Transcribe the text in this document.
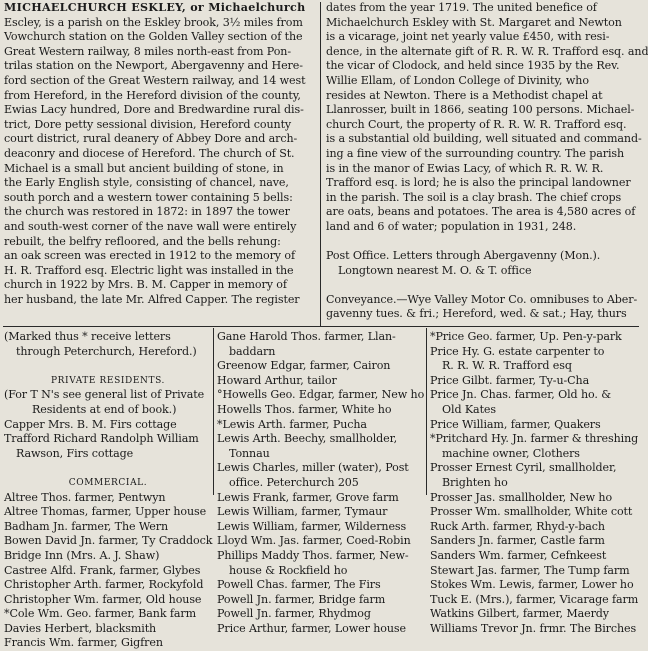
MICHAELCHURCH ESKLEY, or Michaelchurch
Escley, is a parish on the Eskley brook, 3½ miles from
Vowchurch station on the Golden Valley section of the
Great Western railway, 8 miles north-east from Pon-
trilas station on the Newport, Abergavenny and Here-
ford section of the Great Western railway, and 14 west
from Hereford, in the Hereford division of the county,
Ewias Lacy hundred, Dore and Bredwardine rural dis-
trict, Dore petty sessional division, Hereford county
court district, rural deanery of Abbey Dore and arch-
deaconry and diocese of Hereford. The church of St.
Michael is a small but ancient building of stone, in
the Early English style, consisting of chancel, nave,
south porch and a western tower containing 5 bells:
the church was restored in 1872: in 1897 the tower
and south-west corner of the nave wall were entirely
rebuilt, the belfry refloored, and the bells rehung:
an oak screen was erected in 1912 to the memory of
H. R. Trafford esq. Electric light was installed in the
church in 1922 by Mrs. B. M. Capper in memory of
her husband, the late Mr. Alfred Capper. The register
dates from the year 1719. The united benefice of
Michaelchurch Eskley with St. Margaret and Newton
is a vicarage, joint net yearly value £450, with resi-
dence, in the alternate gift of R. R. W. R. Trafford esq. and
the vicar of Clodock, and held since 1935 by the Rev.
Willie Ellam, of London College of Divinity, who
resides at Newton. There is a Methodist chapel at
Llanrosser, built in 1866, seating 100 persons. Michael-
church Court, the property of R. R. W. R. Trafford esq.
is a substantial old building, well situated and command-
ing a fine view of the surrounding country. The parish
is in the manor of Ewias Lacy, of which R. R. W. R.
Trafford esq. is lord; he is also the principal landowner
in the parish. The soil is a clay brash. The chief crops
are oats, beans and potatoes. The area is 4,580 acres of
land and 6 of water; population in 1931, 248.
Post Office. Letters through Abergavenny (Mon.).
Longtown nearest M. O. & T. office
Conveyance.—Wye Valley Motor Co. omnibuses to Aber-
gavenny tues. & fri.; Hereford, wed. & sat.; Hay, thurs
(Marked thus * receive letters
through Peterchurch, Hereford.)
PRIVATE RESIDENTS.
(For T N's see general list of Private
Residents at end of book.)
Capper Mrs. B. M. Firs cottage
Trafford Richard Randolph William
Rawson, Firs cottage
COMMERCIAL.
Altree Thos. farmer, Pentwyn
Altree Thomas, farmer, Upper house
Badham Jn. farmer, The Wern
Bowen David Jn. farmer, Ty Craddock
Bridge Inn (Mrs. A. J. Shaw)
Castree Alfd. Frank, farmer, Glybes
Christopher Arth. farmer, Rockyfold
Christopher Wm. farmer, Old house
*Cole Wm. Geo. farmer, Bank farm
Davies Herbert, blacksmith
Francis Wm. farmer, Gigfren
Gane Harold Thos. farmer, Llan-
baddarn
Greenow Edgar, farmer, Cairon
Howard Arthur, tailor
°Howells Geo. Edgar, farmer, New ho
Howells Thos. farmer, White ho
*Lewis Arth. farmer, Pucha
Lewis Arth. Beechy, smallholder,
Tonnau
Lewis Charles, miller (water), Post
office. Peterchurch 205
Lewis Frank, farmer, Grove farm
Lewis William, farmer, Tymaur
Lewis William, farmer, Wilderness
Lloyd Wm. Jas. farmer, Coed-Robin
Phillips Maddy Thos. farmer, New-
house & Rockfield ho
Powell Chas. farmer, The Firs
Powell Jn. farmer, Bridge farm
Powell Jn. farmer, Rhydmog
Price Arthur, farmer, Lower house
*Price Geo. farmer, Up. Pen-y-park
Price Hy. G. estate carpenter to
R. R. W. R. Trafford esq
Price Gilbt. farmer, Ty-u-Cha
Price Jn. Chas. farmer, Old ho. &
Old Kates
Price William, farmer, Quakers
*Pritchard Hy. Jn. farmer & threshing
machine owner, Clothers
Prosser Ernest Cyril, smallholder,
Brighten ho
Prosser Jas. smallholder, New ho
Prosser Wm. smallholder, White cott
Ruck Arth. farmer, Rhyd-y-bach
Sanders Jn. farmer, Castle farm
Sanders Wm. farmer, Cefnkeest
Stewart Jas. farmer, The Tump farm
Stokes Wm. Lewis, farmer, Lower ho
Tuck E. (Mrs.), farmer, Vicarage farm
Watkins Gilbert, farmer, Maerdy
Williams Trevor Jn. frmr. The Birches
